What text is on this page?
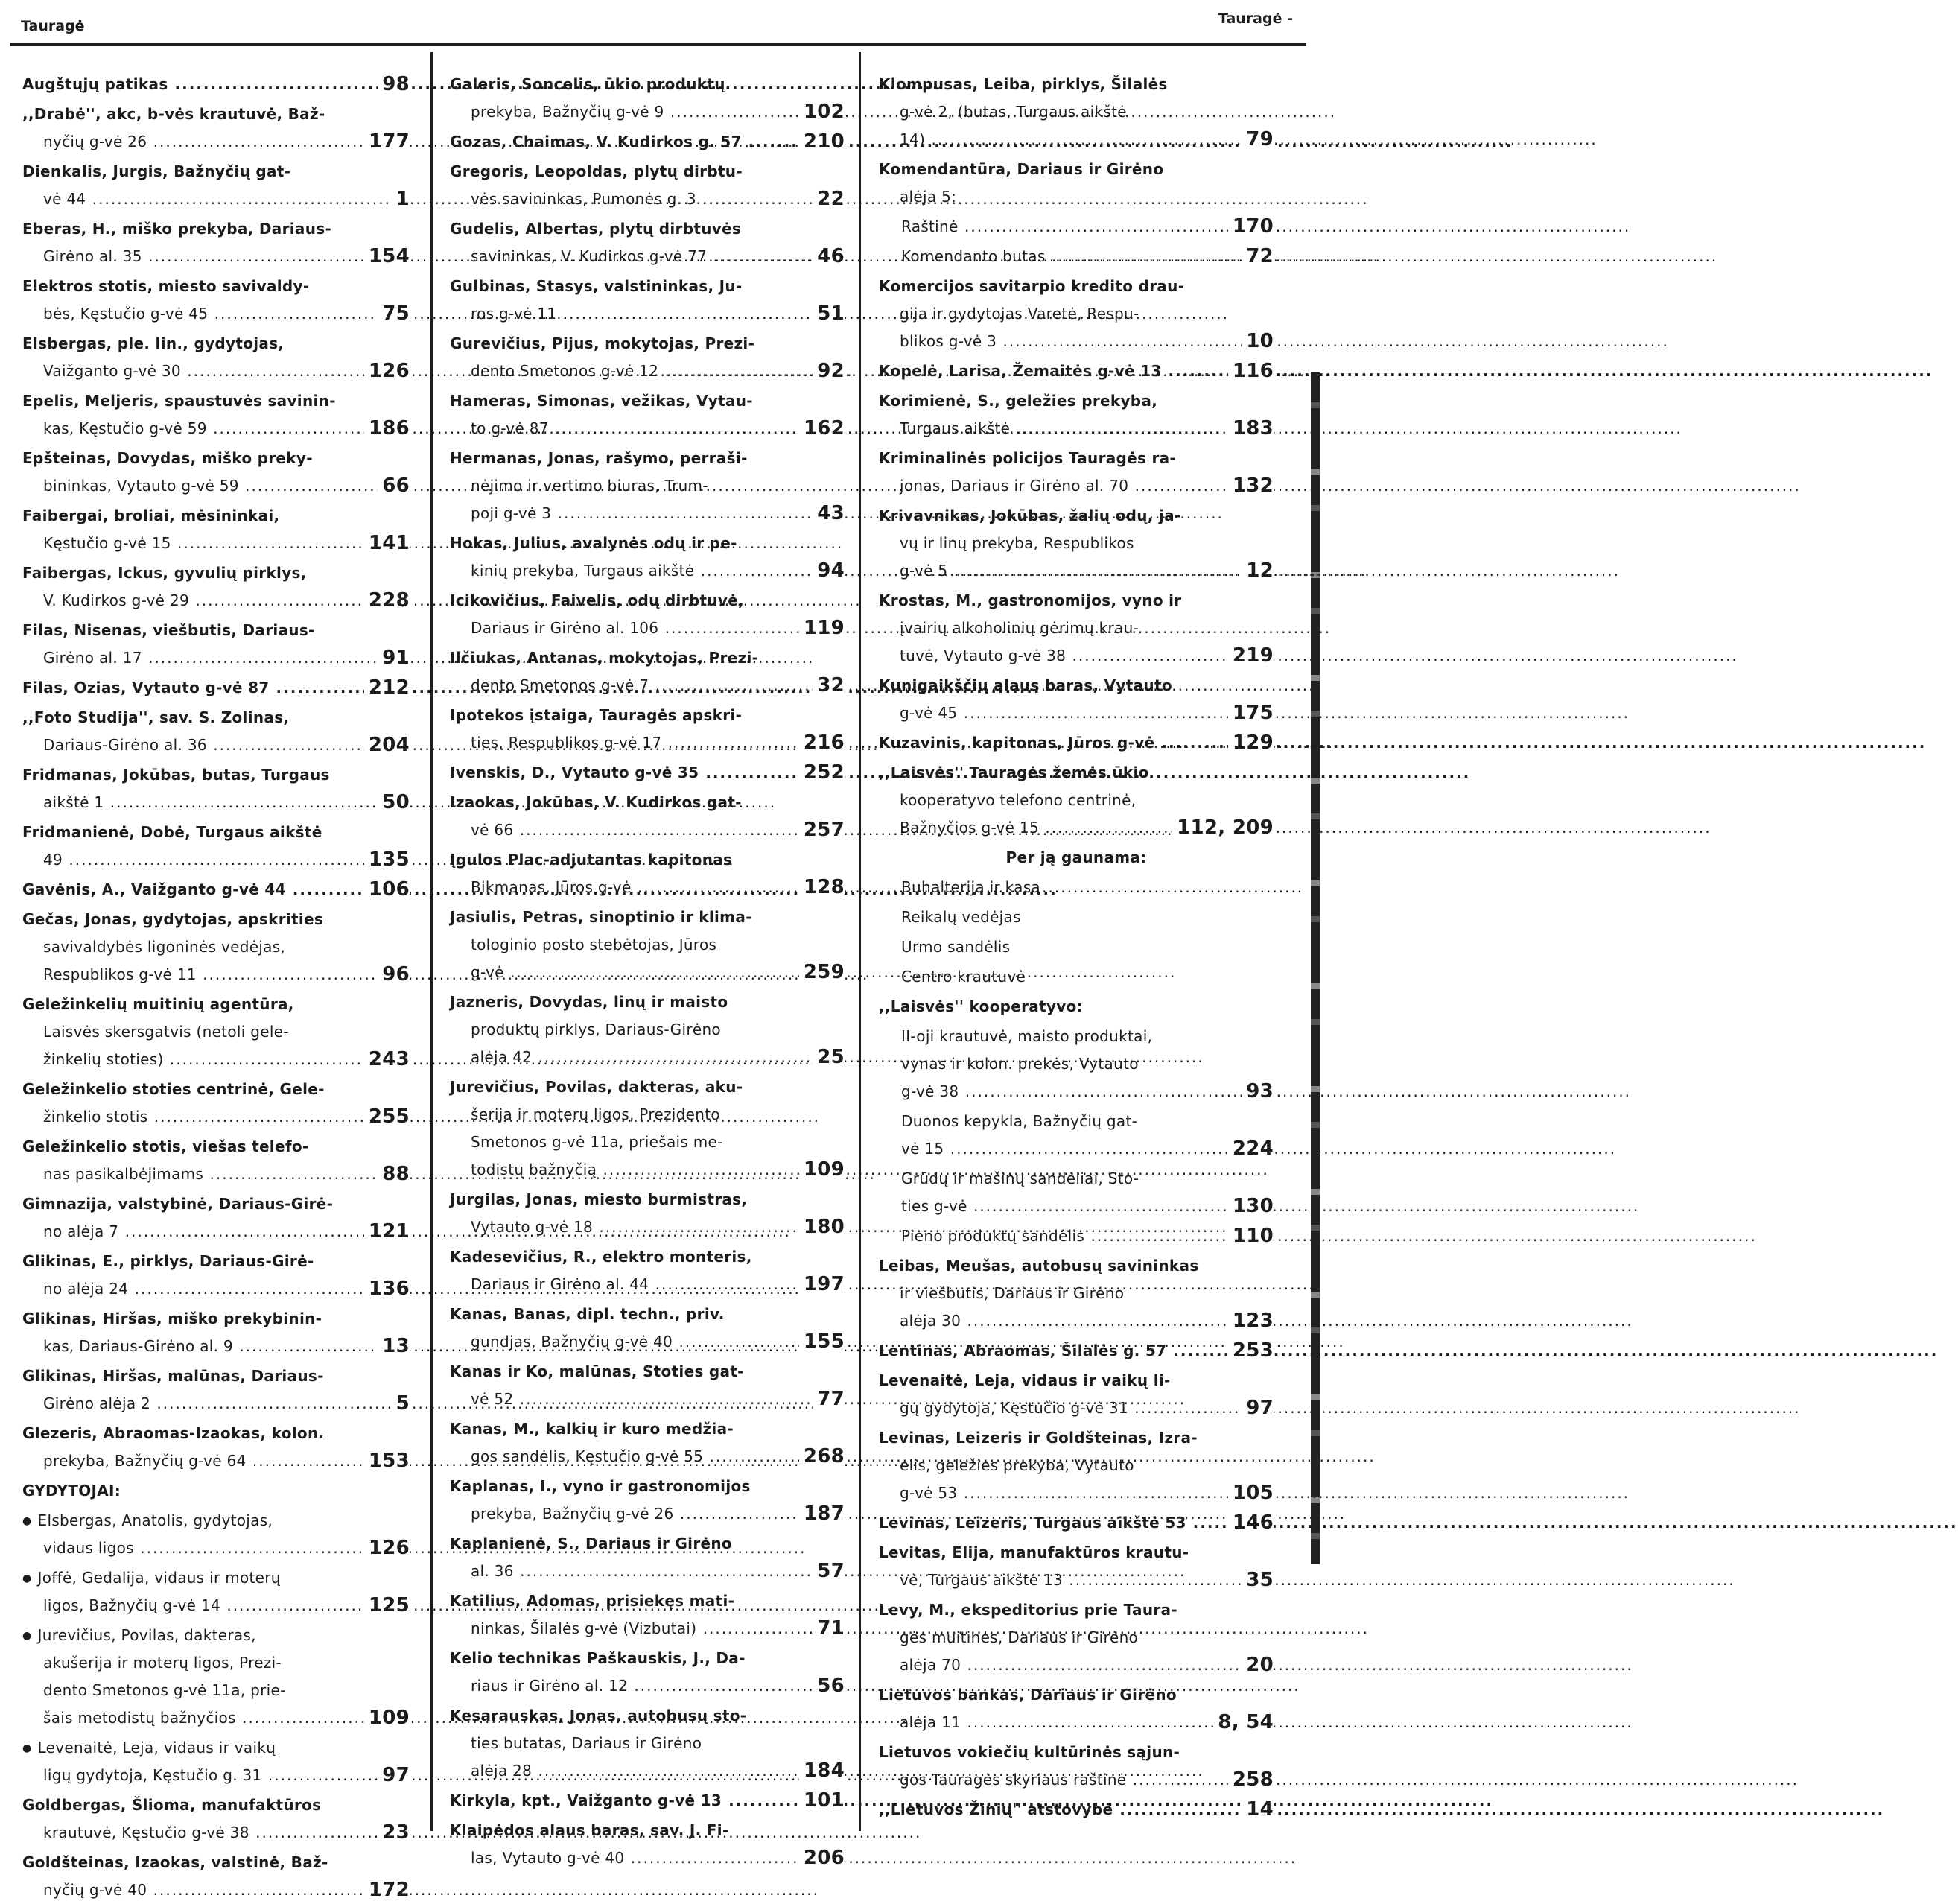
Tauragė	Tauragė -
Augštųjų patikas .....	98
,,Drabė'', akc, b-vės krautuvė, Baž-
nyčių g-vė 26 .....	177
Dienkalis, Jurgis, Bažnyčių gat-
vė 44 .....	1
Eberas, H., miško prekyba, Dariaus-
Girėno al. 35 .....	154
Elektros stotis, miesto savivaldy-
bės, Kęstučio g-vė 45 .....	75
Elsbergas, ple. lin., gydytojas,
Vaižganto g-vė 30 .....	126
Epelis, Meljeris, spaustuvės savinin-
kas, Kęstučio g-vė 59 .....	186
Epšteinas, Dovydas, miško preky-
bininkas, Vytauto g-vė 59 .....	66
Faibergai, broliai, mėsininkai,
Kęstučio g-vė 15 .....	141
Faibergas, Ickus, gyvulių pirklys,
V. Kudirkos g-vė 29 .....	228
Filas, Nisenas, viešbutis, Dariaus-
Girėno al. 17 .....	91
Filas, Ozias, Vytauto g-vė 87 .....	212
,,Foto Studija'', sav. S. Zolinas,
Dariaus-Girėno al. 36 .....	204
Fridmanas, Jokūbas, butas, Turgaus
aikštė 1 .....	50
Fridmanienė, Dobė, Turgaus aikštė
49 .....	135
Gavėnis, A., Vaižganto g-vė 44 .....	106
Gečas, Jonas, gydytojas, apskrities
savivaldybės ligoninės vedėjas,
Respublikos g-vė 11 .....	96
Geležinkelių muitinių agentūra,
Laisvės skersgatvis (netoli gele-
žinkelių stoties) .....	243
Geležinkelio stoties centrinė, Gele-
žinkelio stotis .....	255
Geležinkelio stotis, viešas telefo-
nas pasikalbėjimams .....	88
Gimnazija, valstybinė, Dariaus-Girė-
no alėja 7 .....	121
Glikinas, E., pirklys, Dariaus-Girė-
no alėja 24 .....	136
Glikinas, Hiršas, miško prekybinin-
kas, Dariaus-Girėno al. 9 .....	13
Glikinas, Hiršas, malūnas, Dariaus-
Girėno alėja 2 .....	5
Glezeris, Abraomas-Izaokas, kolon.
prekyba, Bažnyčių g-vė 64 .....	153
GYDYTOJAI:
● Elsbergas, Anatolis, gydytojas,
vidaus ligos .....	126
● Joffė, Gedalija, vidaus ir moterų
ligos, Bažnyčių g-vė 14 .....	125
● Jurevičius, Povilas, dakteras,
akušerija ir moterų ligos, Prezi-
dento Smetonos g-vė 11a, prie-
šais metodistų bažnyčios .....	109
● Levenaitė, Leja, vidaus ir vaikų
ligų gydytoja, Kęstučio g. 31 .....	97
Goldbergas, Šlioma, manufaktūros
krautuvė, Kęstučio g-vė 38 .....	23
Goldšteinas, Izaokas, valstinė, Baž-
nyčių g-vė 40 .....	172
Galeris, Soncelis, ūkio produktų
prekyba, Bažnyčių g-vė 9 .....	102
Gozas, Chaimas, V. Kudirkos g. 57 .....	210
Gregoris, Leopoldas, plytų dirbtu-
vės savininkas, Pumonės g. 3 .....	22
Gudelis, Albertas, plytų dirbtuvės
savininkas, V. Kudirkos g-vė 77 .....	46
Gulbinas, Stasys, valstininkas, Ju-
ros g-vė 11 .....	51
Gurevičius, Pijus, mokytojas, Prezi-
dento Smetonos g-vė 12 .....	92
Hameras, Simonas, vežikas, Vytau-
to g-vė 87 .....	162
Hermanas, Jonas, rašymo, perraši-
nėjimo ir vertimo biuras, Trum-
poji g-vė 3 .....	43
Hokas, Julius, avalynės odų ir pe-
kinių prekyba, Turgaus aikštė .....	94
Icikovičius, Faivelis, odų dirbtuvė,
Dariaus ir Girėno al. 106 .....	119
Ilčiukas, Antanas, mokytojas, Prezi-
dento Smetonos g-vė 7 .....	32
Ipotekos įstaiga, Tauragės apskri-
ties, Respublikos g-vė 17 .....	216
Ivenskis, D., Vytauto g-vė 35 .....	252
Izaokas, Jokūbas, V. Kudirkos gat-
vė 66 .....	257
Įgulos Plac-adjutantas kapitonas
Bikmanas, Jūros g-vė .....	128
Jasiulis, Petras, sinoptinio ir klima-
tologinio posto stebėtojas, Jūros
g-vė .....	259
Jazneris, Dovydas, linų ir maisto
produktų pirklys, Dariaus-Girėno
alėja 42 .....	25
Jurevičius, Povilas, dakteras, aku-
šerija ir moterų ligos, Prezidento
Smetonos g-vė 11a, priešais me-
todistų bažnyčią .....	109
Jurgilas, Jonas, miesto burmistras,
Vytauto g-vė 18 .....	180
Kadesevičius, R., elektro monteris,
Dariaus ir Girėno al. 44 .....	197
Kanas, Banas, dipl. techn., priv.
gundjas, Bažnyčių g-vė 40 .....	155
Kanas ir Ko, malūnas, Stoties gat-
vė 52 .....	77
Kanas, M., kalkių ir kuro medžia-
gos sandėlis, Kęstučio g-vė 55 .....	268
Kaplanas, I., vyno ir gastronomijos
prekyba, Bažnyčių g-vė 26 .....	187
Kaplanienė, S., Dariaus ir Girėno
al. 36 .....	57
Katilius, Adomas, prisiekęs mati-
ninkas, Šilalės g-vė (Vizbutai) .....	71
Kelio technikas Paškauskis, J., Da-
riaus ir Girėno al. 12 .....	56
Kesarauskas, Jonas, autobusų sto-
ties butatas, Dariaus ir Girėno
alėja 28 .....	184
Kirkyla, kpt., Vaižganto g-vė 13 .....	101
Klaipėdos alaus baras, sav. J. Fi-
las, Vytauto g-vė 40 .....	206
Klompusas, Leiba, pirklys, Šilalės
g-vė 2, (butas, Turgaus aikštė
14) .....	79
Komendantūra, Dariaus ir Girėno
alėja 5:
Raštinė .....	170
Komendanto butas .....	72
Komercijos savitarpio kredito drau-
gija ir gydytojas Varetė, Respu-
blikos g-vė 3 .....	10
Kopelė, Larisa, Žemaitės g-vė 13 .....	116
Korimienė, S., geležies prekyba,
Turgaus aikštė .....	183
Kriminalinės policijos Tauragės ra-
jonas, Dariaus ir Girėno al. 70 .....	132
Krivavnikas, Jokūbas, žalių odų, ja-
vų ir linų prekyba, Respublikos
g-vė 5 .....	12
Krostas, M., gastronomijos, vyno ir
įvairių alkoholinių gėrimų krau-
tuvė, Vytauto g-vė 38 .....	219
Kunigaikščių alaus baras, Vytauto
g-vė 45 .....	175
Kuzavinis, kapitonas, Jūros g-vė .....	129
,,Laisvės'' Tauragės žemės ūkio
kooperatyvo telefono centrinė,
Bažnyčios g-vė 15 .....	112, 209
Per ją gaunama:
Buhalterija ir kasa
Reikalų vedėjas
Urmo sandėlis
Centro krautuvė
,,Laisvės'' kooperatyvo:
II-oji krautuvė, maisto produktai,
vynas ir kolon. prekės, Vytauto
g-vė 38 .....	93
Duonos kepykla, Bažnyčių gat-
vė 15 .....	224
Grūdų ir mašinų sandėliai, Sto-
ties g-vė .....	130
Pieno produktų sandėlis .....	110
Leibas, Meušas, autobusų savininkas
ir viešbutis, Dariaus ir Girėno
alėja 30 .....	123
Lentinas, Abraomas, Šilalės g. 57 .....	253
Levenaitė, Leja, vidaus ir vaikų li-
gų gydytoja, Kęstučio g-vė 31 .....	97
Levinas, Leizeris ir Goldšteinas, Izra-
elis, geležies prekyba, Vytauto
g-vė 53 .....	105
Levinas, Leizeris, Turgaus aikštė 53 ..... 146
Levitas, Elija, manufaktūros krautu-
vė, Turgaus aikštė 13 .....	35
Levy, M., ekspeditorius prie Taura-
gės muitinės, Dariaus ir Girėno
alėja 70 .....	20
Lietuvos bankas, Dariaus ir Girėno
alėja 11 .....	8, 54
Lietuvos vokiečių kultūrinės sąjun-
gos Tauragės skyriaus raštinė .....	258
,,Lietuvos Žinių'' atstovybė .....	14
